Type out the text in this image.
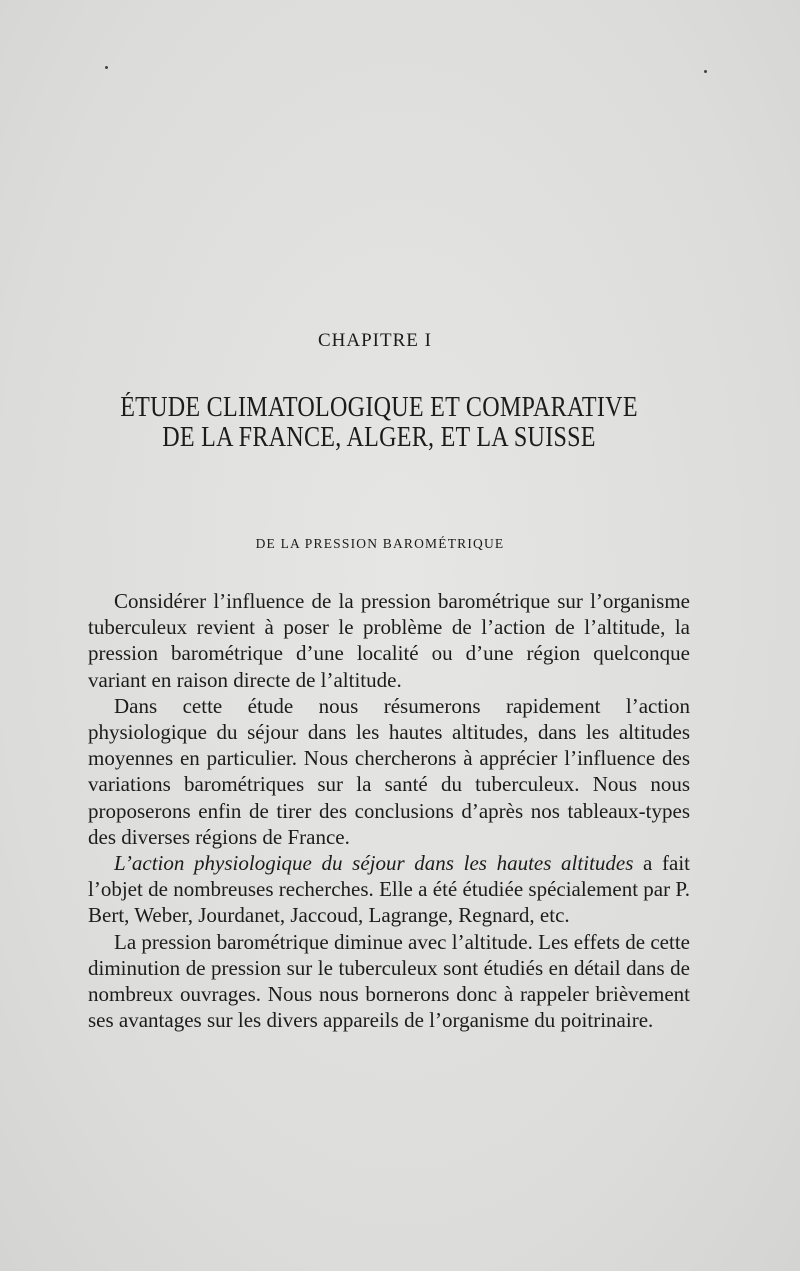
CHAPITRE I
ÉTUDE CLIMATOLOGIQUE ET COMPARATIVE
DE LA FRANCE, ALGER, ET LA SUISSE
DE LA PRESSION BAROMÉTRIQUE

Considérer l’influence de la pression barométrique sur l’organisme tuberculeux revient à poser le problème de l’action de l’altitude, la pression barométrique d’une localité ou d’une région quelconque variant en raison directe de l’altitude.

Dans cette étude nous résumerons rapidement l’action physiologique du séjour dans les hautes altitudes, dans les altitudes moyennes en particulier. Nous chercherons à apprécier l’influence des variations barométriques sur la santé du tuberculeux. Nous nous proposerons enfin de tirer des conclusions d’après nos tableaux-types des diverses régions de France.

L’action physiologique du séjour dans les hautes altitudes a fait l’objet de nombreuses recherches. Elle a été étudiée spécialement par P. Bert, Weber, Jourdanet, Jaccoud, Lagrange, Regnard, etc.

La pression barométrique diminue avec l’altitude. Les effets de cette diminution de pression sur le tuberculeux sont étudiés en détail dans de nombreux ouvrages. Nous nous bornerons donc à rappeler brièvement ses avantages sur les divers appareils de l’organisme du poitrinaire.
